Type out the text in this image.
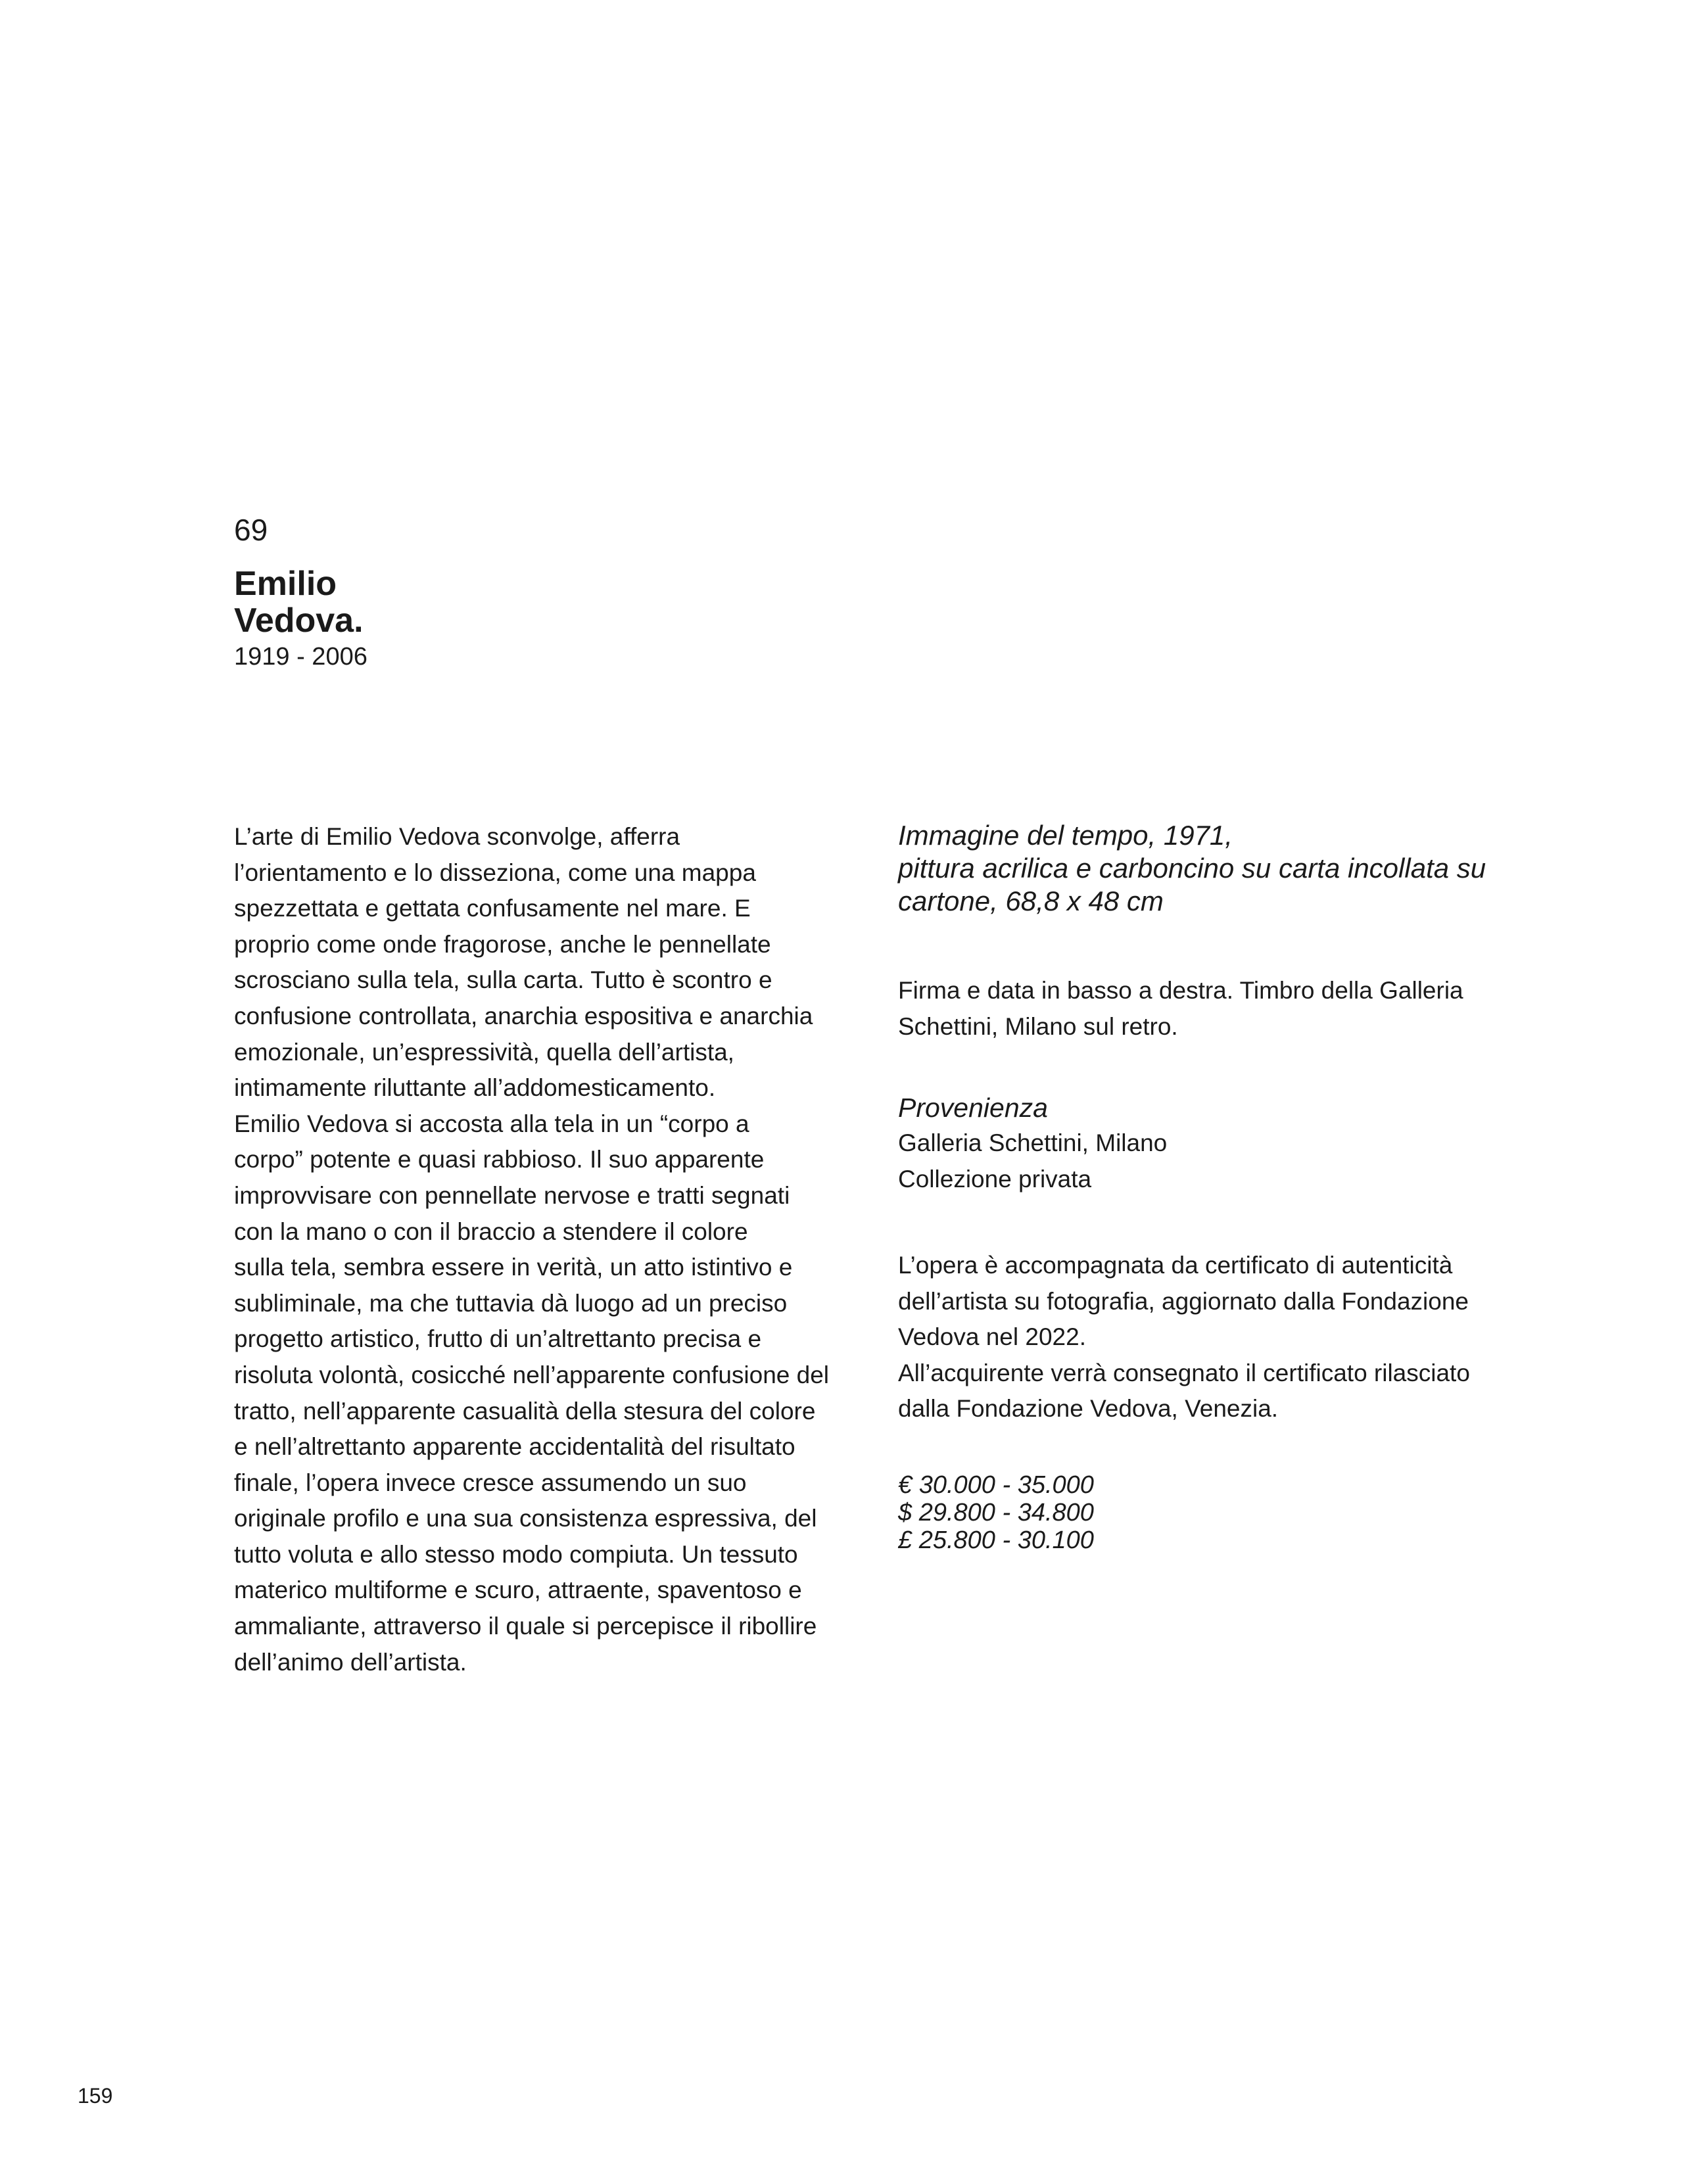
69
Emilio
Vedova.
1919 - 2006
L’arte di Emilio Vedova sconvolge, afferra
l’orientamento e lo disseziona, come una mappa
spezzettata e gettata confusamente nel mare. E
proprio come onde fragorose, anche le pennellate
scrosciano sulla tela, sulla carta. Tutto è scontro e
confusione controllata, anarchia espositiva e anarchia
emozionale, un’espressività, quella dell’artista,
intimamente riluttante all’addomesticamento.
Emilio Vedova si accosta alla tela in un “corpo a
corpo” potente e quasi rabbioso. Il suo apparente
improvvisare con pennellate nervose e tratti segnati
con la mano o con il braccio a stendere il colore
sulla tela, sembra essere in verità, un atto istintivo e
subliminale, ma che tuttavia dà luogo ad un preciso
progetto artistico, frutto di un’altrettanto precisa e
risoluta volontà, cosicché nell’apparente confusione del
tratto, nell’apparente casualità della stesura del colore
e nell’altrettanto apparente accidentalità del risultato
finale, l’opera invece cresce assumendo un suo
originale profilo e una sua consistenza espressiva, del
tutto voluta e allo stesso modo compiuta. Un tessuto
materico multiforme e scuro, attraente, spaventoso e
ammaliante, attraverso il quale si percepisce il ribollire
dell’animo dell’artista.

Immagine del tempo, 1971,
pittura acrilica e carboncino su carta incollata su
cartone, 68,8 x 48 cm

Firma e data in basso a destra. Timbro della Galleria
Schettini, Milano sul retro.

Provenienza
Galleria Schettini, Milano
Collezione privata

L’opera è accompagnata da certificato di autenticità
dell’artista su fotografia, aggiornato dalla Fondazione
Vedova nel 2022.
All’acquirente verrà consegnato il certificato rilasciato
dalla Fondazione Vedova, Venezia.

€ 30.000 - 35.000
$ 29.800 - 34.800
£ 25.800 - 30.100
159
